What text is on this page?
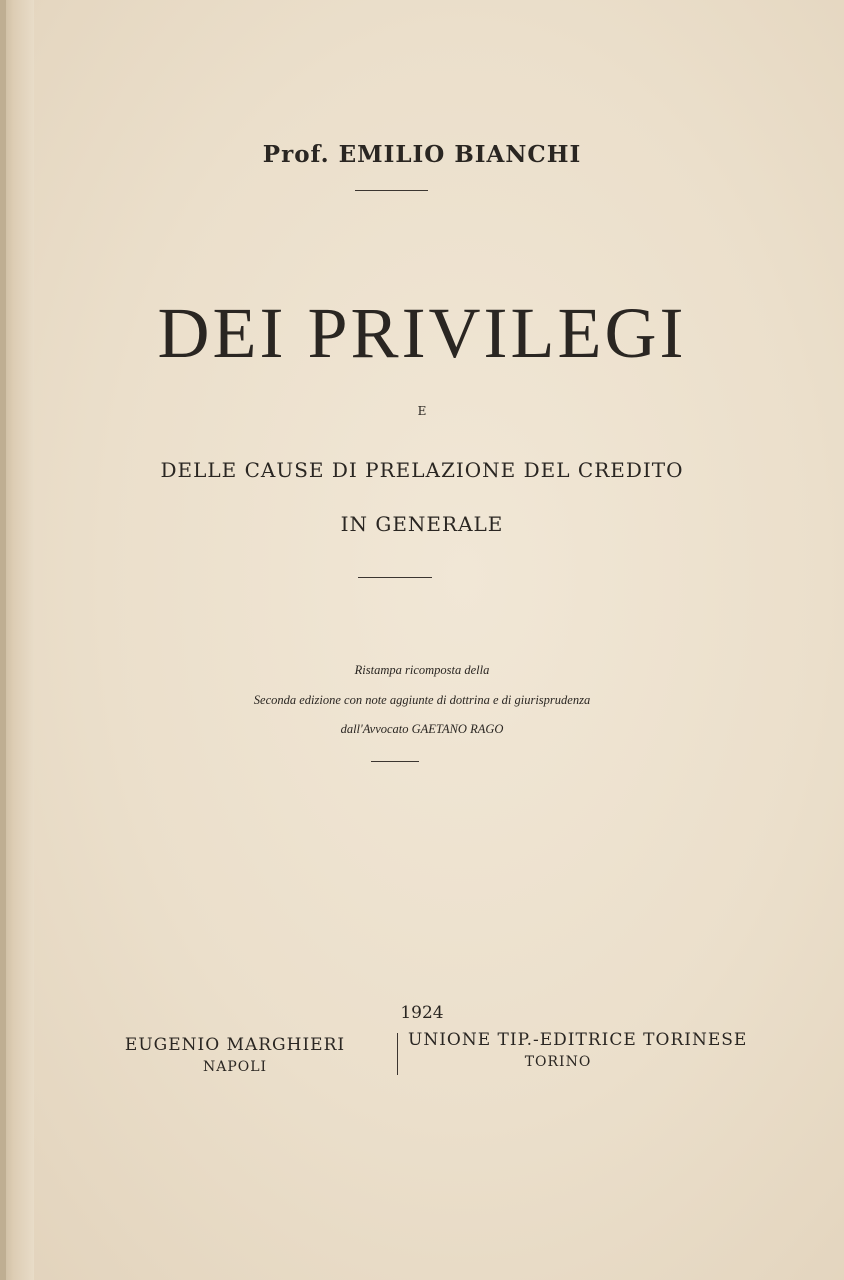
Prof. EMILIO BIANCHI
DEI PRIVILEGI
E
DELLE CAUSE DI PRELAZIONE DEL CREDITO
IN GENERALE
Ristampa ricomposta della
Seconda edizione con note aggiunte di dottrina e di giurisprudenza
dall'Avvocato GAETANO RAGO
1924
EUGENIO MARGHIERI
NAPOLI
UNIONE TIP.-EDITRICE TORINESE
TORINO
